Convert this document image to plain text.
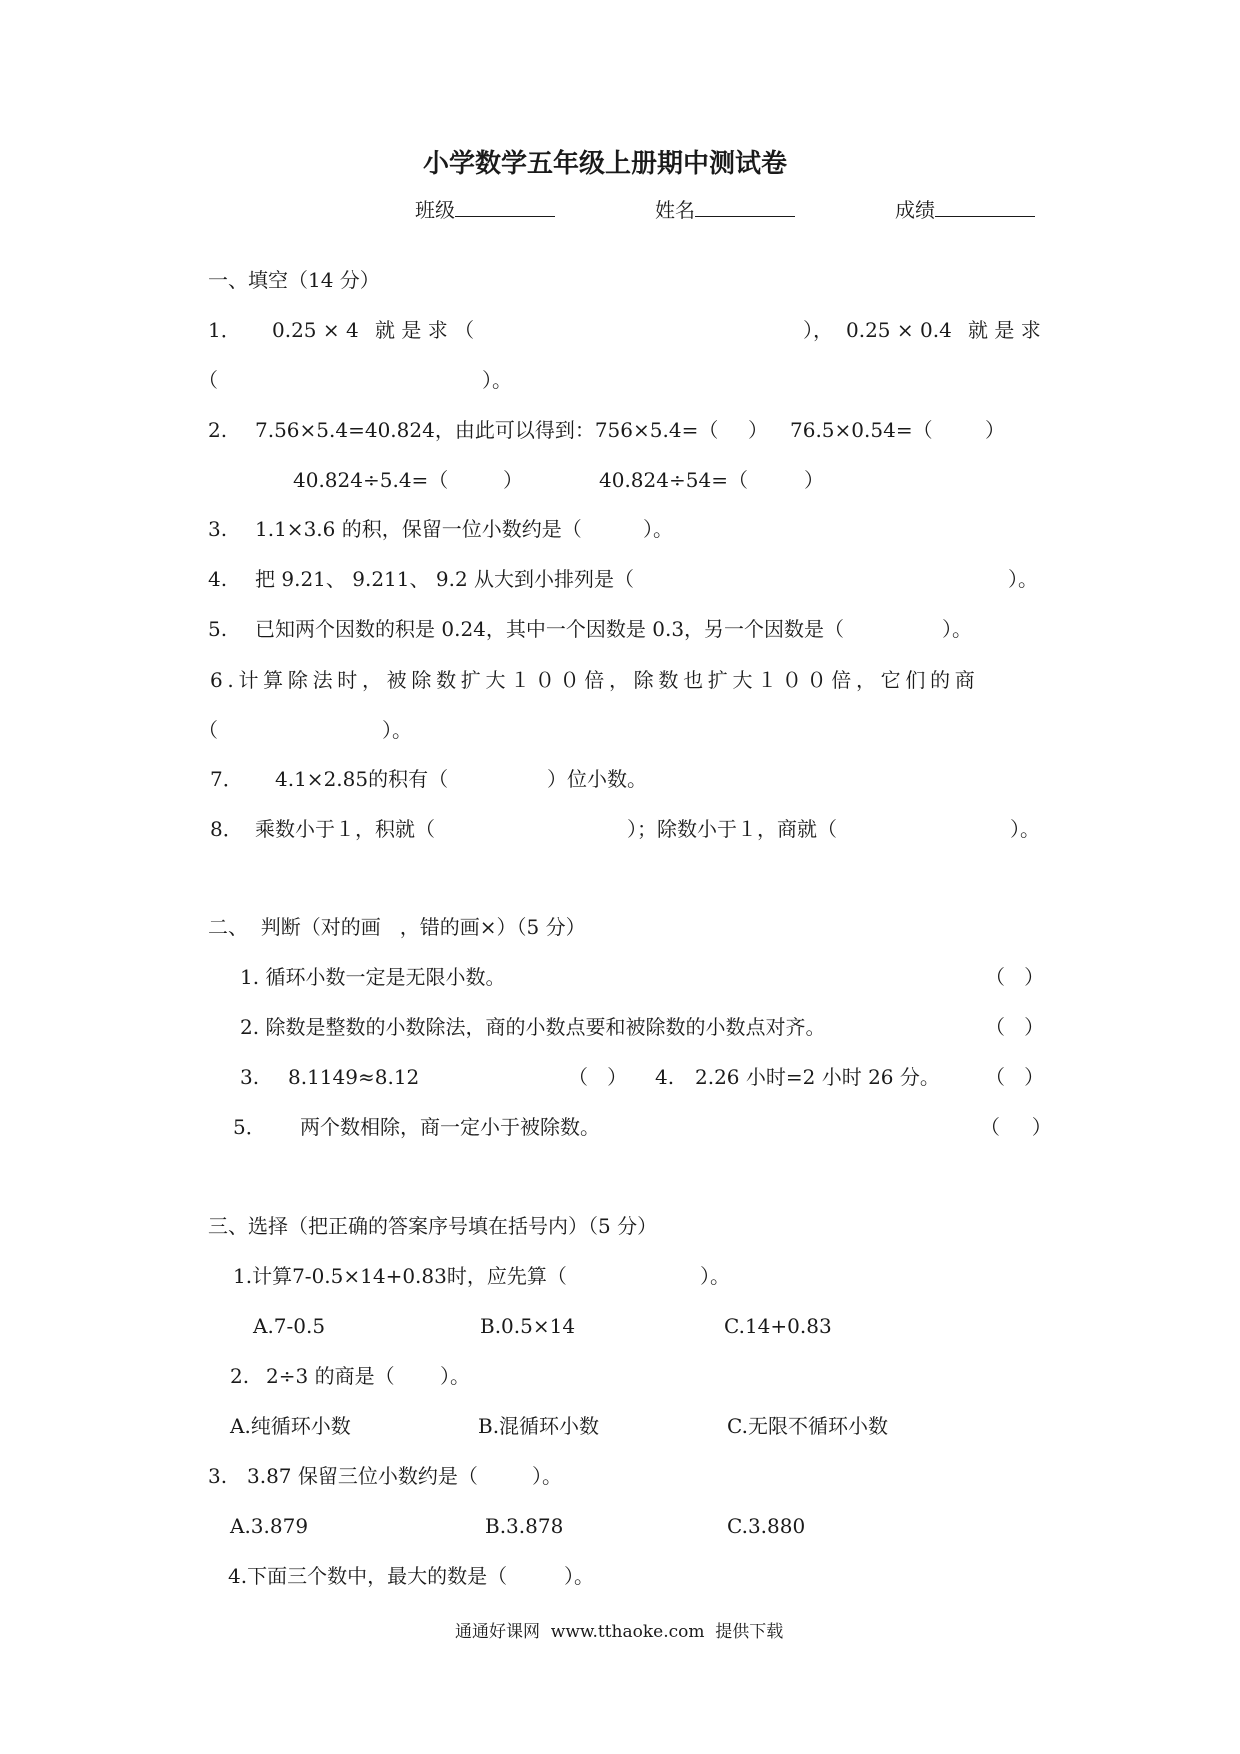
小学数学五年级上册期中测试卷
班级	姓名	成绩
一、填空（14 分）
1． 0.25 × 4 就 是 求 （	）， 0.25 × 0.4 就 是 求
（	）。
2. 7.56×5.4=40.824，由此可以得到：756×5.4=（ ） 76.5×0.54=（	）
40.824÷5.4=（	）	40.824÷54=（	）
3. 1.1×3.6 的积，保留一位小数约是（	）。
4. 把 9.21、 9.211、 9.2 从大到小排列是（	）。
5. 已知两个因数的积是 0.24，其中一个因数是 0.3，另一个因数是（	）。
6.计算除法时，被除数扩大１００倍，除数也扩大１００倍，它们的商
（	）。
7． 4.1×2.85的积有（	）位小数。
8． 乘数小于１，积就（	）；除数小于１，商就（	）。
二、  判断（对的画   ，错的画×）（5 分）
1. 循环小数一定是无限小数。	（   ）
2. 除数是整数的小数除法，商的小数点要和被除数的小数点对齐。	（   ）
3. 8.1149≈8.12	（   ） 4. 2.26 小时=2 小时 26 分。 （   ）
5． 两个数相除，商一定小于被除数。	（     ）
三、选择（把正确的答案序号填在括号内）（5 分）
1.计算7-0.5×14+0.83时，应先算（	）。
A.7-0.5	B.0.5×14	C.14+0.83
2. 2÷3 的商是（ ）。
A.纯循环小数	B.混循环小数	C.无限不循环小数
3. 3.87 保留三位小数约是（	）。
A.3.879	B.3.878	C.3.880
4.下面三个数中，最大的数是（	）。
通通好课网  www.tthaoke.com  提供下载
